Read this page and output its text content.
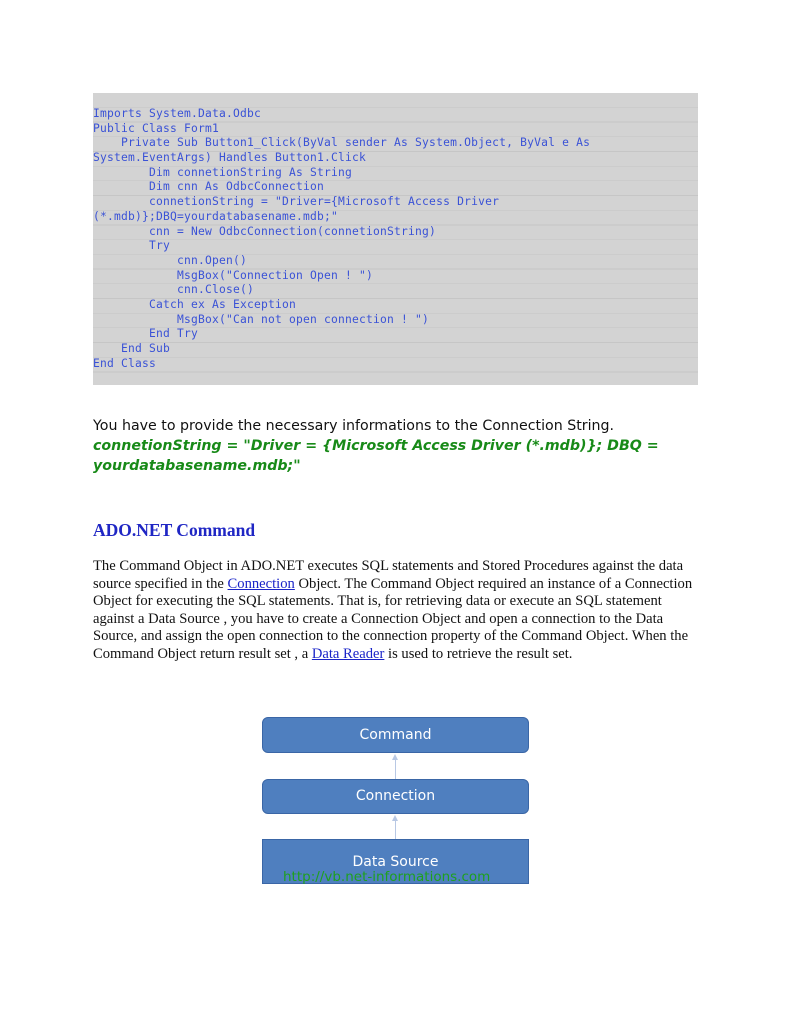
Imports System.Data.Odbc
Public Class Form1
Private Sub Button1_Click(ByVal sender As System.Object, ByVal e As
System.EventArgs) Handles Button1.Click
Dim connetionString As String
Dim cnn As OdbcConnection
connetionString = "Driver={Microsoft Access Driver
(*.mdb)};DBQ=yourdatabasename.mdb;"
cnn = New OdbcConnection(connetionString)
Try
cnn.Open()
MsgBox("Connection Open ! ")
cnn.Close()
Catch ex As Exception
MsgBox("Can not open connection ! ")
End Try
End Sub
End Class
You have to provide the necessary informations to the Connection String.
connetionString = "Driver = {Microsoft Access Driver (*.mdb)}; DBQ = yourdatabasename.mdb;"
ADO.NET Command
The Command Object in ADO.NET executes SQL statements and Stored Procedures against the data source specified in the Connection Object. The Command Object required an instance of a Connection Object for executing the SQL statements. That is, for retrieving data or execute an SQL statement against a Data Source , you have to create a Connection Object and open a connection to the Data Source, and assign the open connection to the connection property of the Command Object. When the Command Object return result set , a Data Reader is used to retrieve the result set.
Command
Connection
Data Source
http://vb.net-informations.com
